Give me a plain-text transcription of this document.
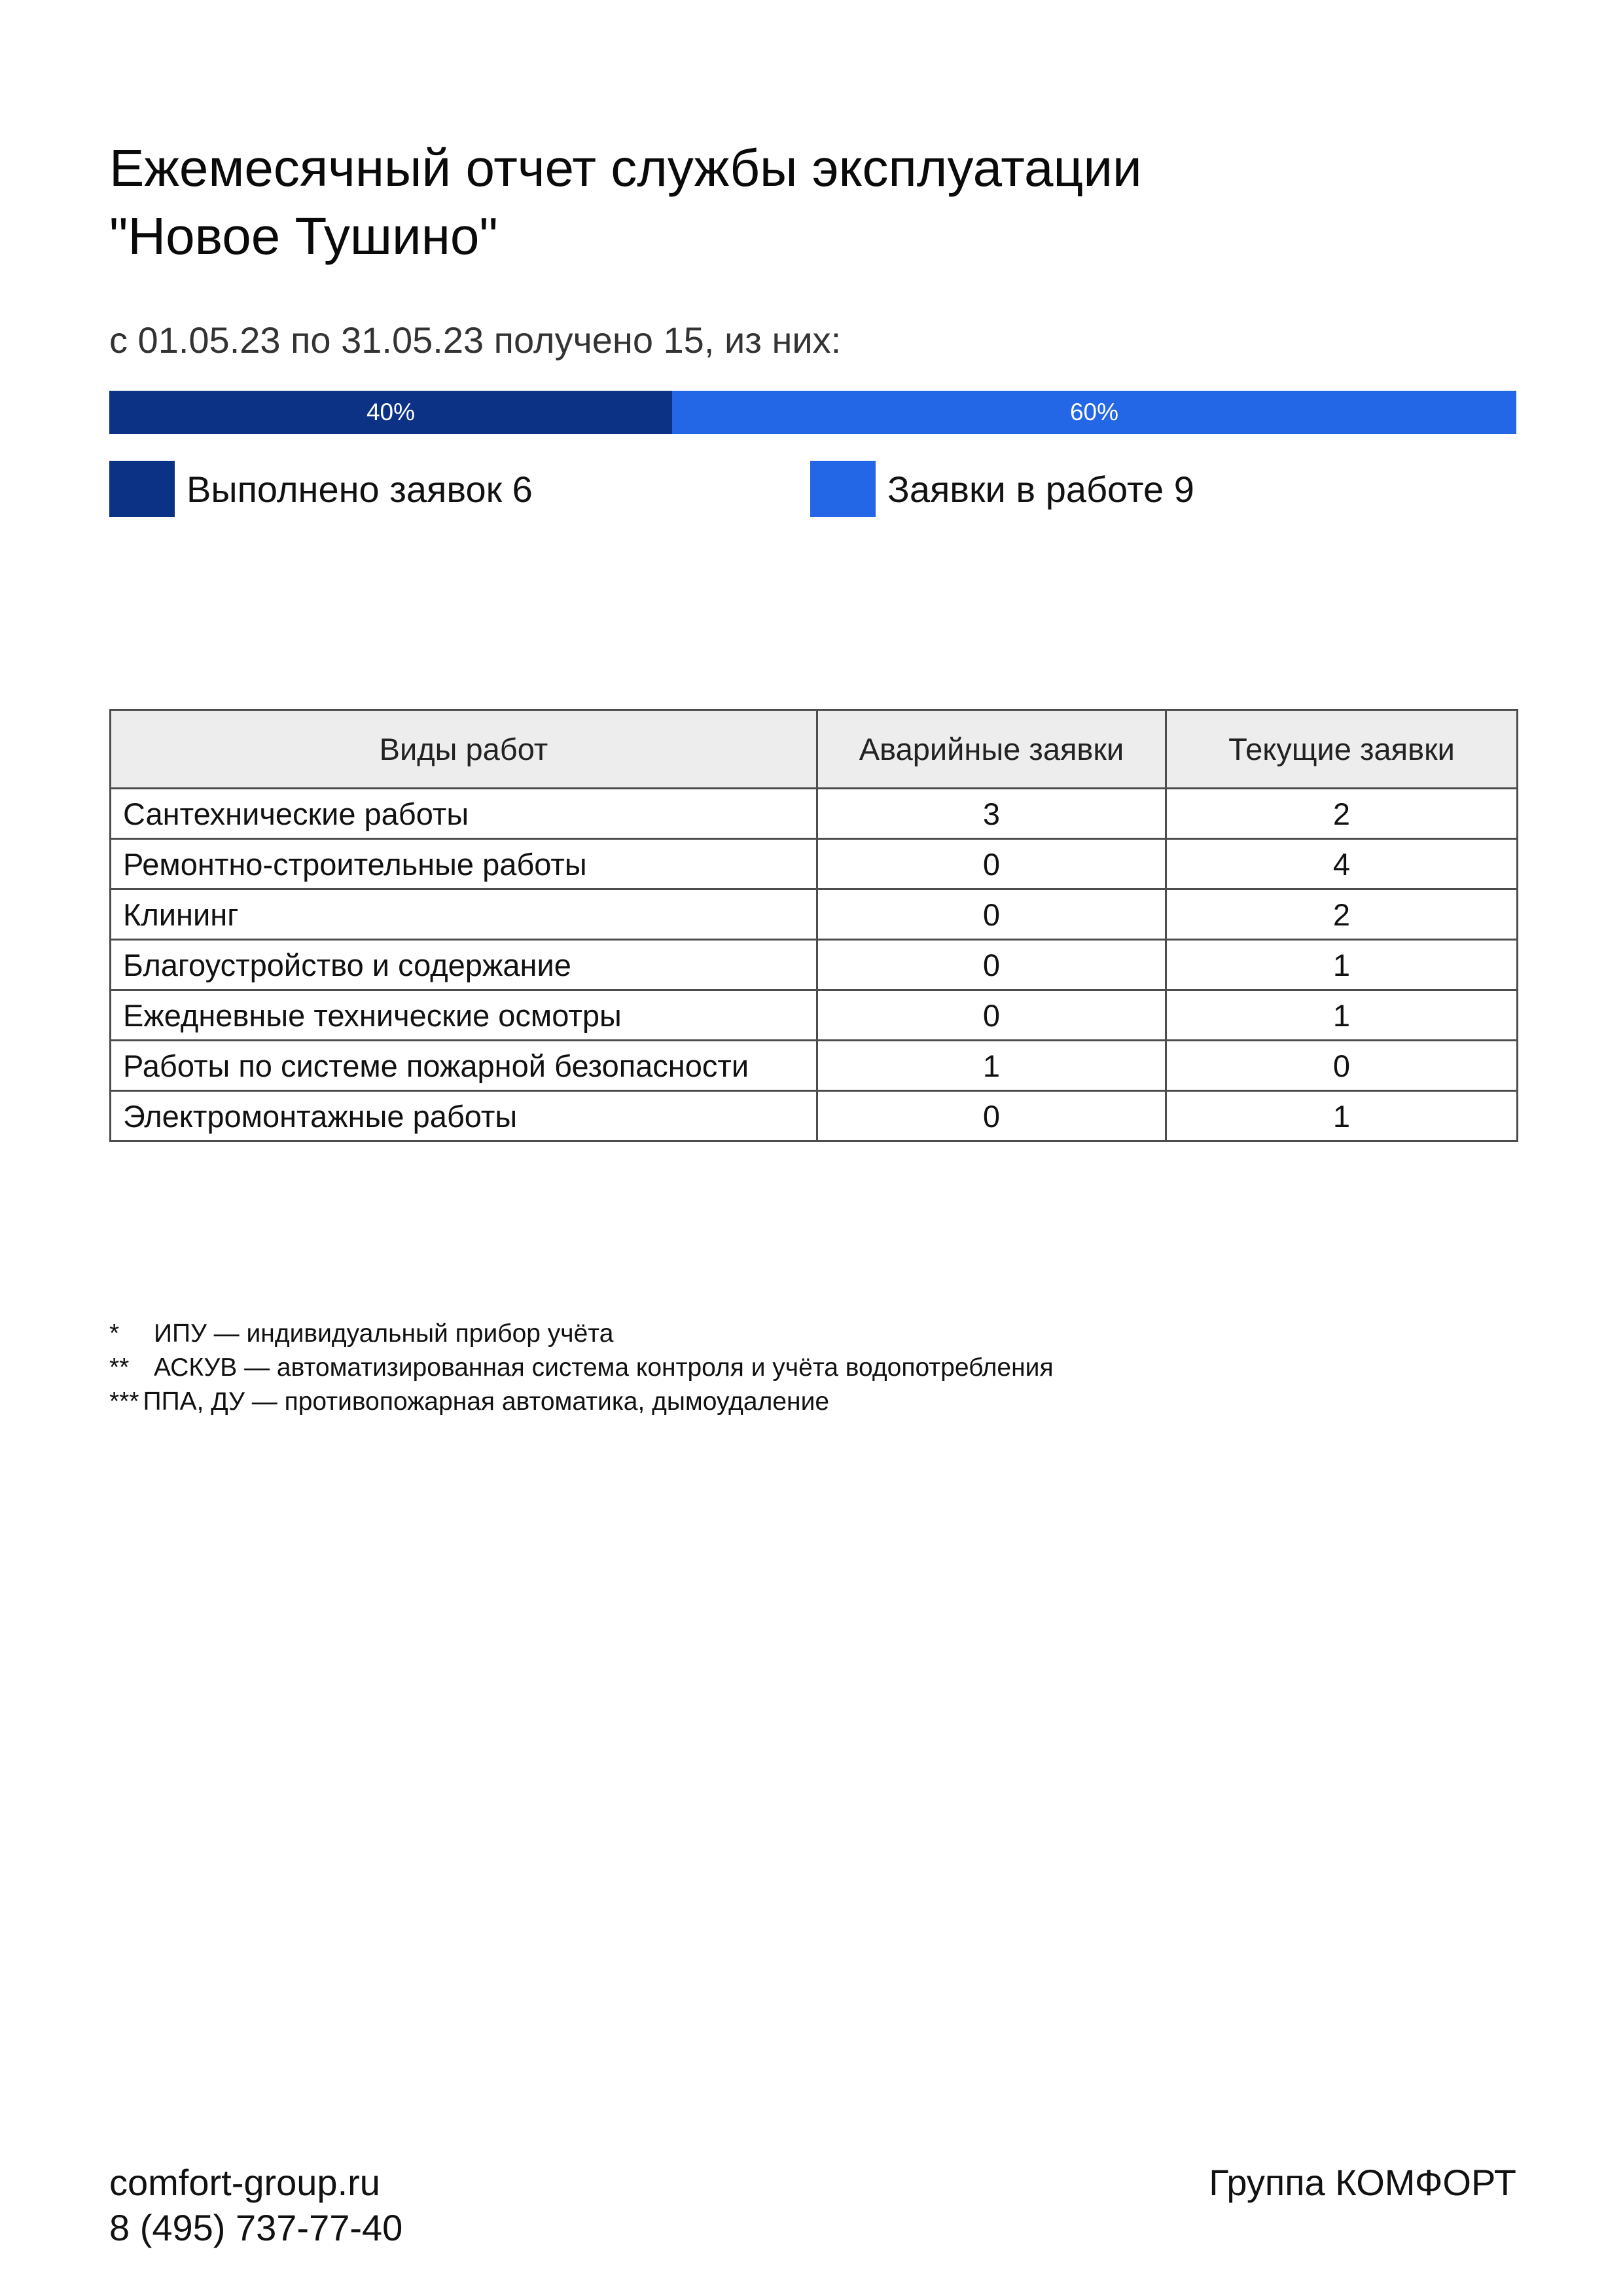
Ежемесячный отчет службы эксплуатации
"Новое Тушино"
с 01.05.23 по 31.05.23 получено 15, из них:
40%	60%
Выполнено заявок 6	Заявки в работе 9
Виды работ	Аварийные заявки	Текущие заявки
Сантехнические работы	3	2
Ремонтно-строительные работы	0	4
Клининг	0	2
Благоустройство и содержание	0	1
Ежедневные технические осмотры	0	1
Работы по системе пожарной безопасности	1	0
Электромонтажные работы	0	1
*	ИПУ — индивидуальный прибор учёта
** АСКУВ — автоматизированная система контроля и учёта водопотребления
*** ППА, ДУ — противопожарная автоматика, дымоудаление
comfort-group.ru
8 (495) 737-77-40
Группа КОМФОРТ
